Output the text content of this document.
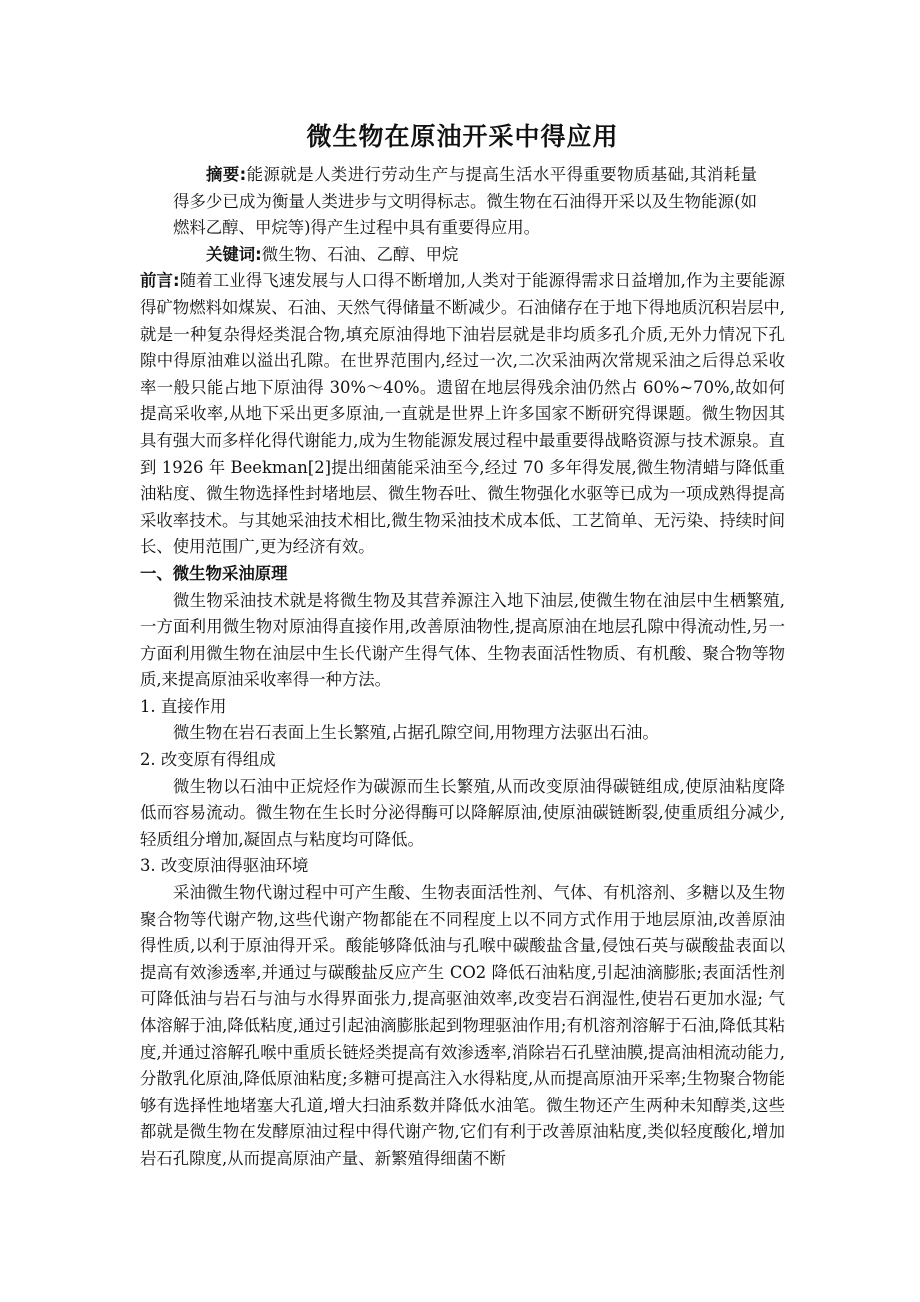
微生物在原油开采中得应用

摘要:能源就是人类进行劳动生产与提高生活水平得重要物质基础,其消耗量得多少已成为衡量人类进步与文明得标志。微生物在石油得开采以及生物能源(如燃料乙醇、甲烷等)得产生过程中具有重要得应用。

关键词:微生物、石油、乙醇、甲烷

前言:随着工业得飞速发展与人口得不断增加,人类对于能源得需求日益增加,作为主要能源得矿物燃料如煤炭、石油、天然气得储量不断减少。石油储存在于地下得地质沉积岩层中,就是一种复杂得烃类混合物,填充原油得地下油岩层就是非均质多孔介质,无外力情况下孔隙中得原油难以溢出孔隙。在世界范围内,经过一次,二次采油两次常规采油之后得总采收率一般只能占地下原油得 30%～40%。遗留在地层得残余油仍然占 60%~70%,故如何提高采收率,从地下采出更多原油,一直就是世界上许多国家不断研究得课题。微生物因其具有强大而多样化得代谢能力,成为生物能源发展过程中最重要得战略资源与技术源泉。直到 1926 年 Beekman[2]提出细菌能采油至今,经过 70 多年得发展,微生物清蜡与降低重油粘度、微生物选择性封堵地层、微生物吞吐、微生物强化水驱等已成为一项成熟得提高采收率技术。与其她采油技术相比,微生物采油技术成本低、工艺简单、无污染、持续时间长、使用范围广,更为经济有效。

一、微生物采油原理

微生物采油技术就是将微生物及其营养源注入地下油层,使微生物在油层中生栖繁殖,一方面利用微生物对原油得直接作用,改善原油物性,提高原油在地层孔隙中得流动性,另一方面利用微生物在油层中生长代谢产生得气体、生物表面活性物质、有机酸、聚合物等物质,来提高原油采收率得一种方法。

1. 直接作用

微生物在岩石表面上生长繁殖,占据孔隙空间,用物理方法驱出石油。

2. 改变原有得组成

微生物以石油中正烷烃作为碳源而生长繁殖,从而改变原油得碳链组成,使原油粘度降低而容易流动。微生物在生长时分泌得酶可以降解原油,使原油碳链断裂,使重质组分减少,轻质组分增加,凝固点与粘度均可降低。

3. 改变原油得驱油环境

采油微生物代谢过程中可产生酸、生物表面活性剂、气体、有机溶剂、多糖以及生物聚合物等代谢产物,这些代谢产物都能在不同程度上以不同方式作用于地层原油,改善原油得性质,以利于原油得开采。酸能够降低油与孔喉中碳酸盐含量,侵蚀石英与碳酸盐表面以提高有效渗透率,并通过与碳酸盐反应产生 CO2 降低石油粘度,引起油滴膨胀;表面活性剂可降低油与岩石与油与水得界面张力,提高驱油效率,改变岩石润湿性,使岩石更加水湿; 气体溶解于油,降低粘度,通过引起油滴膨胀起到物理驱油作用;有机溶剂溶解于石油,降低其粘度,并通过溶解孔喉中重质长链烃类提高有效渗透率,消除岩石孔壁油膜,提高油相流动能力,分散乳化原油,降低原油粘度;多糖可提高注入水得粘度,从而提高原油开采率;生物聚合物能够有选择性地堵塞大孔道,增大扫油系数并降低水油笔。微生物还产生两种未知醇类,这些都就是微生物在发酵原油过程中得代谢产物,它们有利于改善原油粘度,类似轻度酸化,增加岩石孔隙度,从而提高原油产量、新繁殖得细菌不断
